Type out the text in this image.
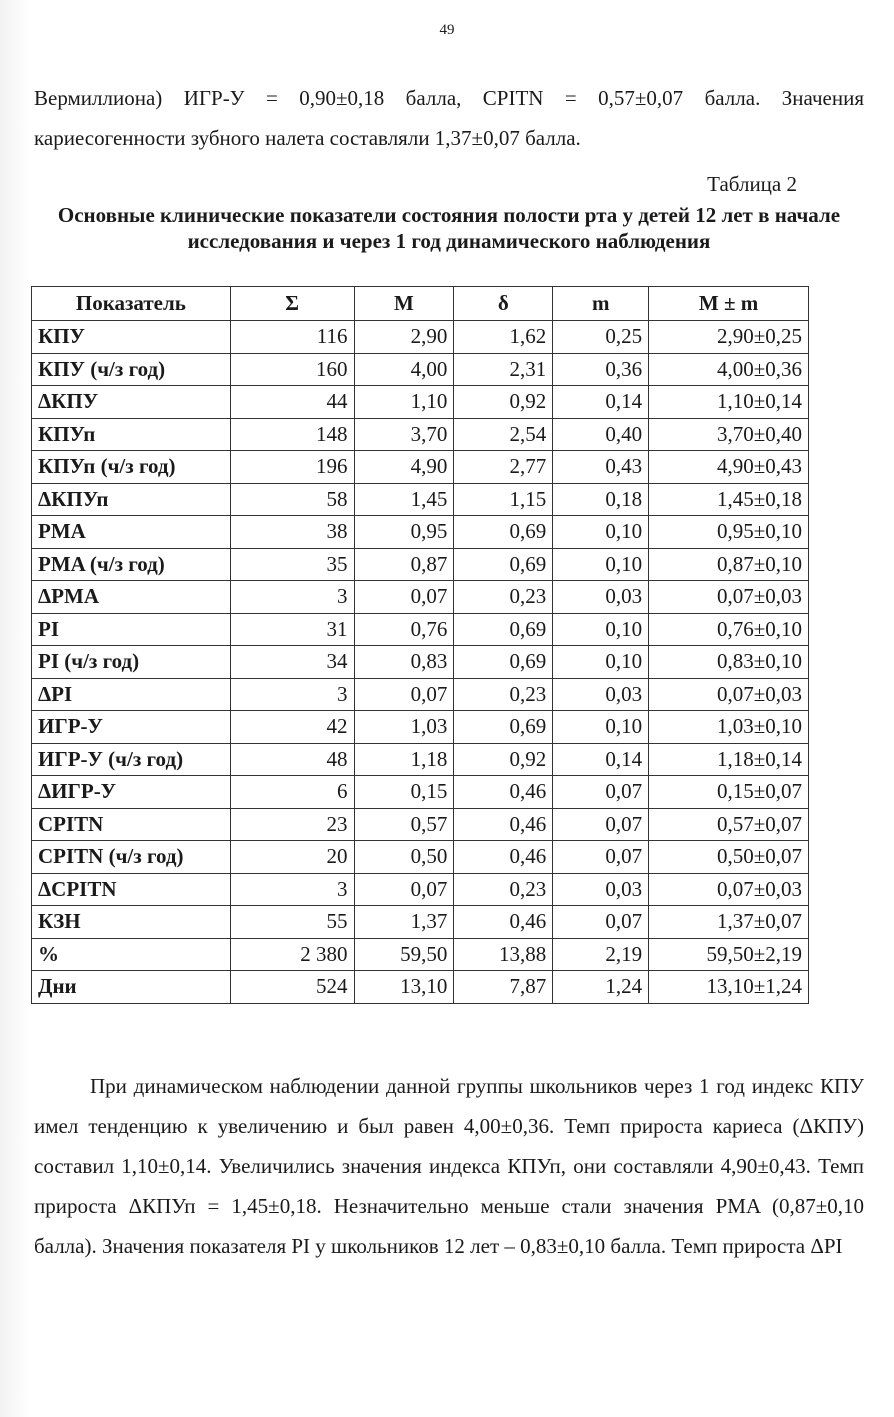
49
Вермиллиона) ИГР-У = 0,90±0,18 балла, CPITN = 0,57±0,07 балла. Значения кариесогенности зубного налета составляли 1,37±0,07 балла.
Таблица 2
Основные клинические показатели состояния полости рта у детей 12 лет в начале исследования и через 1 год динамического наблюдения
Показатель	Σ	M	δ	m	M ± m
КПУ	116	2,90	1,62	0,25	2,90±0,25
КПУ (ч/з год)	160	4,00	2,31	0,36	4,00±0,36
ΔКПУ	44	1,10	0,92	0,14	1,10±0,14
КПУп	148	3,70	2,54	0,40	3,70±0,40
КПУп (ч/з год)	196	4,90	2,77	0,43	4,90±0,43
ΔКПУп	58	1,45	1,15	0,18	1,45±0,18
PMA	38	0,95	0,69	0,10	0,95±0,10
PMA (ч/з год)	35	0,87	0,69	0,10	0,87±0,10
ΔPMA	3	0,07	0,23	0,03	0,07±0,03
PI	31	0,76	0,69	0,10	0,76±0,10
PI (ч/з год)	34	0,83	0,69	0,10	0,83±0,10
ΔPI	3	0,07	0,23	0,03	0,07±0,03
ИГР-У	42	1,03	0,69	0,10	1,03±0,10
ИГР-У (ч/з год)	48	1,18	0,92	0,14	1,18±0,14
ΔИГР-У	6	0,15	0,46	0,07	0,15±0,07
CPITN	23	0,57	0,46	0,07	0,57±0,07
CPITN (ч/з год)	20	0,50	0,46	0,07	0,50±0,07
ΔCPITN	3	0,07	0,23	0,03	0,07±0,03
КЗН	55	1,37	0,46	0,07	1,37±0,07
%	2 380	59,50	13,88	2,19	59,50±2,19
Дни	524	13,10	7,87	1,24	13,10±1,24
При динамическом наблюдении данной группы школьников через 1 год индекс КПУ имел тенденцию к увеличению и был равен 4,00±0,36. Темп прироста кариеса (ΔКПУ) составил 1,10±0,14. Увеличились значения индекса КПУп, они составляли 4,90±0,43. Темп прироста ΔКПУп = 1,45±0,18. Незначительно меньше стали значения PMA (0,87±0,10 балла). Значения показателя PI у школьников 12 лет – 0,83±0,10 балла. Темп прироста ΔPI
